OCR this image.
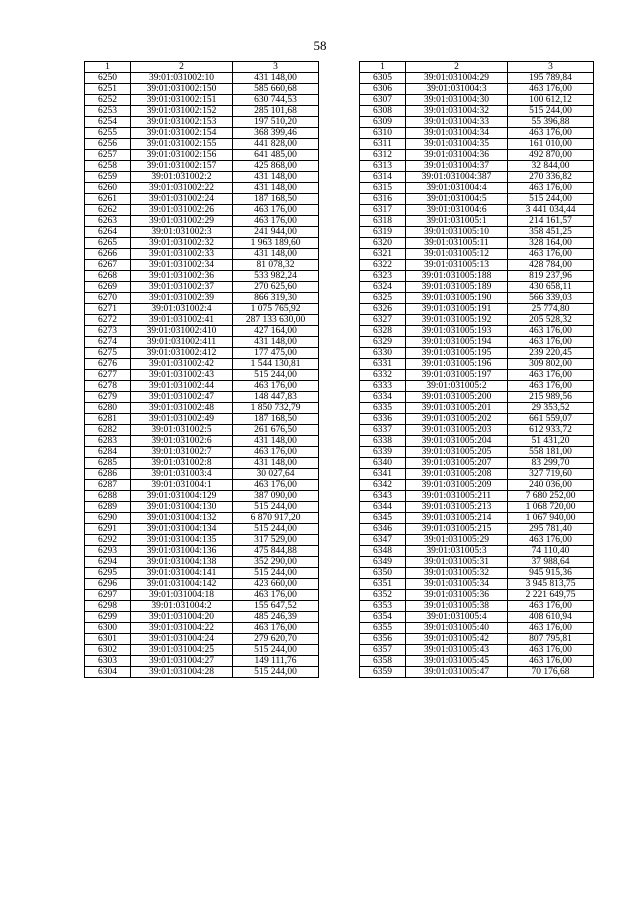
58
1	2	3
6250	39:01:031002:10	431 148,00
6251	39:01:031002:150	585 660,68
6252	39:01:031002:151	630 744,53
6253	39:01:031002:152	285 101,68
6254	39:01:031002:153	197 510,20
6255	39:01:031002:154	368 399,46
6256	39:01:031002:155	441 828,00
6257	39:01:031002:156	641 485,00
6258	39:01:031002:157	425 868,00
6259	39:01:031002:2	431 148,00
6260	39:01:031002:22	431 148,00
6261	39:01:031002:24	187 168,50
6262	39:01:031002:26	463 176,00
6263	39:01:031002:29	463 176,00
6264	39:01:031002:3	241 944,00
6265	39:01:031002:32	1 963 189,60
6266	39:01:031002:33	431 148,00
6267	39:01:031002:34	81 078,32
6268	39:01:031002:36	533 982,24
6269	39:01:031002:37	270 625,60
6270	39:01:031002:39	866 319,30
6271	39:01:031002:4	1 075 765,92
6272	39:01:031002:41	287 133 630,00
6273	39:01:031002:410	427 164,00
6274	39:01:031002:411	431 148,00
6275	39:01:031002:412	177 475,00
6276	39:01:031002:42	1 544 130,81
6277	39:01:031002:43	515 244,00
6278	39:01:031002:44	463 176,00
6279	39:01:031002:47	148 447,83
6280	39:01:031002:48	1 850 732,79
6281	39:01:031002:49	187 168,50
6282	39:01:031002:5	261 676,50
6283	39:01:031002:6	431 148,00
6284	39:01:031002:7	463 176,00
6285	39:01:031002:8	431 148,00
6286	39:01:031003:4	30 027,64
6287	39:01:031004:1	463 176,00
6288	39:01:031004:129	387 090,00
6289	39:01:031004:130	515 244,00
6290	39:01:031004:132	6 870 917,20
6291	39:01:031004:134	515 244,00
6292	39:01:031004:135	317 529,00
6293	39:01:031004:136	475 844,88
6294	39:01:031004:138	352 290,00
6295	39:01:031004:141	515 244,00
6296	39:01:031004:142	423 660,00
6297	39:01:031004:18	463 176,00
6298	39:01:031004:2	155 647,52
6299	39:01:031004:20	485 246,39
6300	39:01:031004:22	463 176,00
6301	39:01:031004:24	279 620,70
6302	39:01:031004:25	515 244,00
6303	39:01:031004:27	149 111,76
6304	39:01:031004:28	515 244,00
1	2	3
6305	39:01:031004:29	195 789,84
6306	39:01:031004:3	463 176,00
6307	39:01:031004:30	100 612,12
6308	39:01:031004:32	515 244,00
6309	39:01:031004:33	55 396,88
6310	39:01:031004:34	463 176,00
6311	39:01:031004:35	161 010,00
6312	39:01:031004:36	492 870,00
6313	39:01:031004:37	32 844,00
6314	39:01:031004:387	270 336,82
6315	39:01:031004:4	463 176,00
6316	39:01:031004:5	515 244,00
6317	39:01:031004:6	3 441 034,44
6318	39:01:031005:1	214 161,57
6319	39:01:031005:10	358 451,25
6320	39:01:031005:11	328 164,00
6321	39:01:031005:12	463 176,00
6322	39:01:031005:13	428 784,00
6323	39:01:031005:188	819 237,96
6324	39:01:031005:189	430 658,11
6325	39:01:031005:190	566 339,03
6326	39:01:031005:191	25 774,80
6327	39:01:031005:192	205 528,32
6328	39:01:031005:193	463 176,00
6329	39:01:031005:194	463 176,00
6330	39:01:031005:195	239 220,45
6331	39:01:031005:196	309 802,00
6332	39:01:031005:197	463 176,00
6333	39:01:031005:2	463 176,00
6334	39:01:031005:200	215 989,56
6335	39:01:031005:201	29 353,52
6336	39:01:031005:202	661 559,07
6337	39:01:031005:203	612 933,72
6338	39:01:031005:204	51 431,20
6339	39:01:031005:205	558 181,00
6340	39:01:031005:207	83 299,70
6341	39:01:031005:208	327 719,60
6342	39:01:031005:209	240 036,00
6343	39:01:031005:211	7 680 252,00
6344	39:01:031005:213	1 068 720,00
6345	39:01:031005:214	1 067 940,00
6346	39:01:031005:215	295 781,40
6347	39:01:031005:29	463 176,00
6348	39:01:031005:3	74 110,40
6349	39:01:031005:31	37 988,64
6350	39:01:031005:32	945 915,36
6351	39:01:031005:34	3 945 813,75
6352	39:01:031005:36	2 221 649,75
6353	39:01:031005:38	463 176,00
6354	39:01:031005:4	408 610,94
6355	39:01:031005:40	463 176,00
6356	39:01:031005:42	807 795,81
6357	39:01:031005:43	463 176,00
6358	39:01:031005:45	463 176,00
6359	39:01:031005:47	70 176,68
